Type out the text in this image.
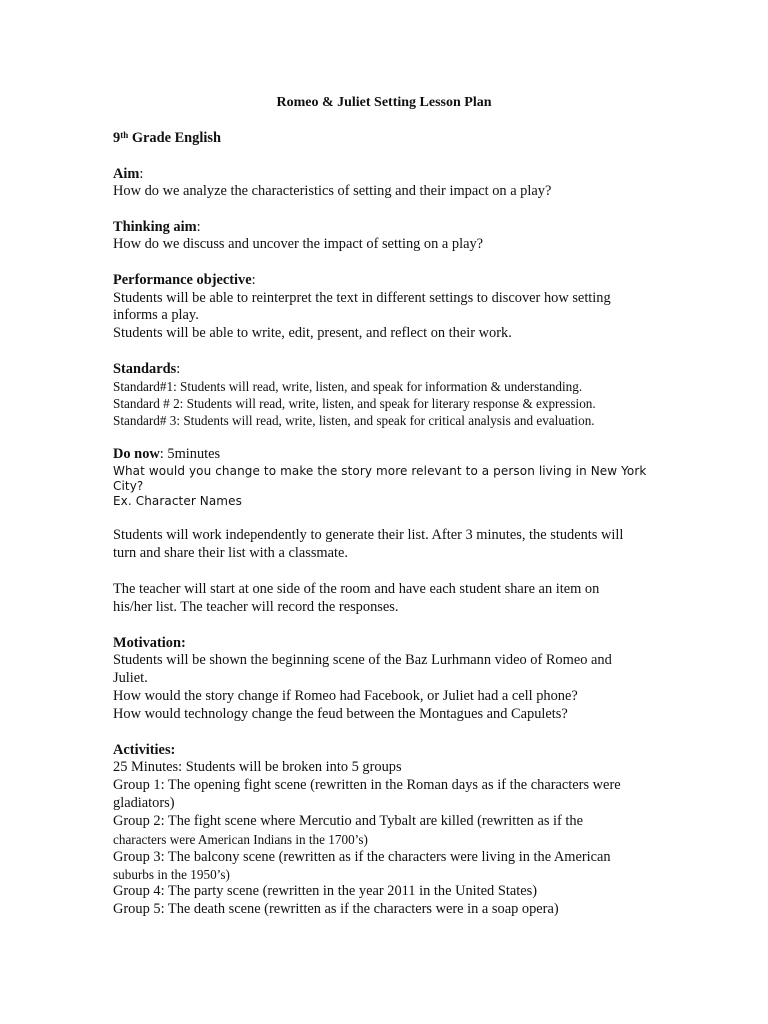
Romeo & Juliet Setting Lesson Plan
9th Grade English
Aim:
How do we analyze the characteristics of setting and their impact on a play?
Thinking aim:
How do we discuss and uncover the impact of setting on a play?
Performance objective:
Students will be able to reinterpret the text in different settings to discover how setting
informs a play.
Students will be able to write, edit, present, and reflect on their work.
Standards:
Standard#1: Students will read, write, listen, and speak for information & understanding.
Standard # 2: Students will read, write, listen, and speak for literary response & expression.
Standard# 3: Students will read, write, listen, and speak for critical analysis and evaluation.
Do now: 5minutes
What would you change to make the story more relevant to a person living in New York
City?
Ex. Character Names
Students will work independently to generate their list. After 3 minutes, the students will
turn and share their list with a classmate.
The teacher will start at one side of the room and have each student share an item on
his/her list. The teacher will record the responses.
Motivation:
Students will be shown the beginning scene of the Baz Lurhmann video of Romeo and
Juliet.
How would the story change if Romeo had Facebook, or Juliet had a cell phone?
How would technology change the feud between the Montagues and Capulets?
Activities:
25 Minutes: Students will be broken into 5 groups
Group 1: The opening fight scene (rewritten in the Roman days as if the characters were
gladiators)
Group 2: The fight scene where Mercutio and Tybalt are killed (rewritten as if the
characters were American Indians in the 1700’s)
Group 3: The balcony scene (rewritten as if the characters were living in the American
suburbs in the 1950’s)
Group 4: The party scene (rewritten in the year 2011 in the United States)
Group 5: The death scene (rewritten as if the characters were in a soap opera)
